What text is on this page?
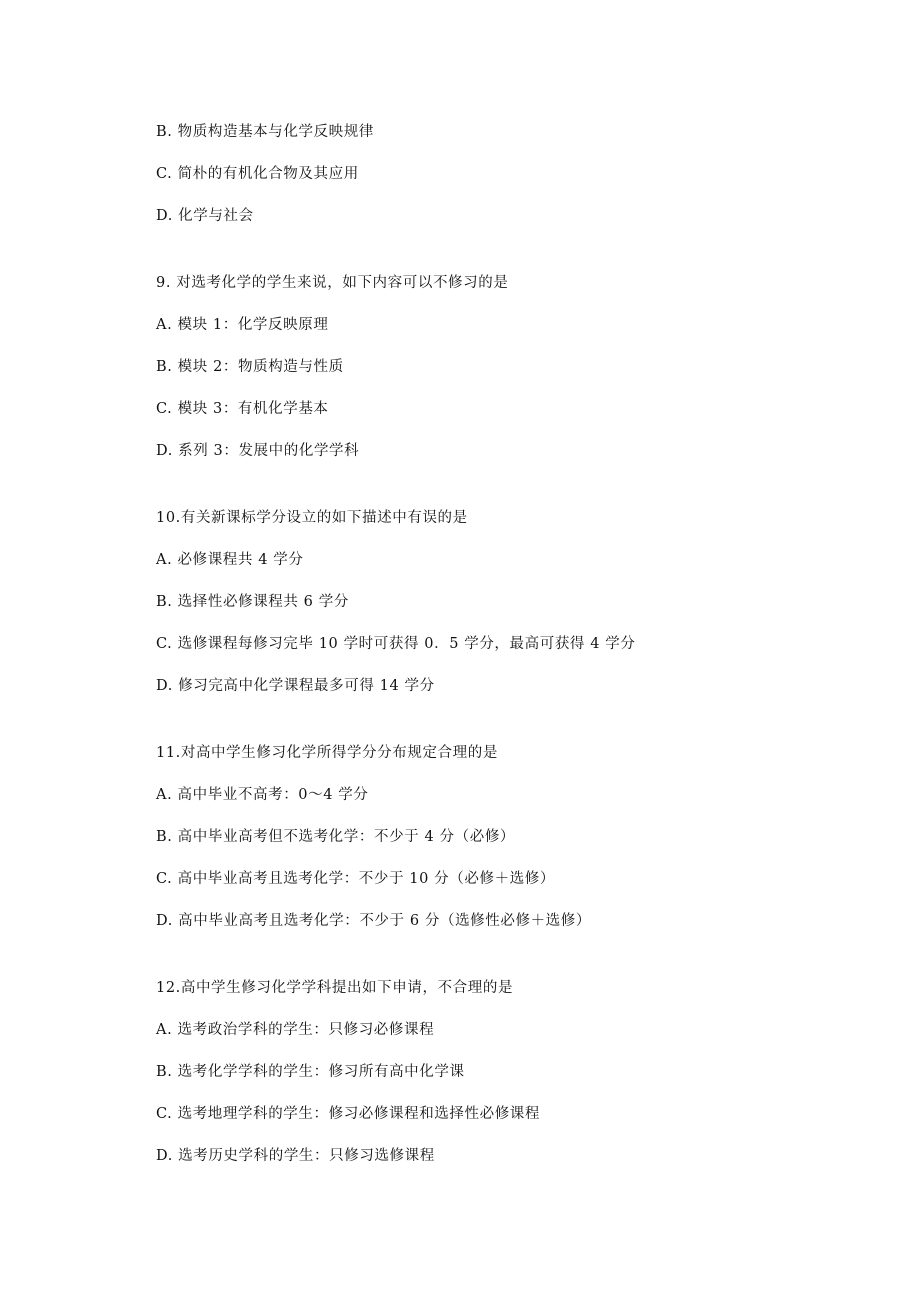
B. 物质构造基本与化学反映规律
C. 简朴的有机化合物及其应用
D. 化学与社会
9. 对选考化学的学生来说，如下内容可以不修习的是
A. 模块 1：化学反映原理
B. 模块 2：物质构造与性质
C. 模块 3：有机化学基本
D. 系列 3：发展中的化学学科
10.有关新课标学分设立的如下描述中有误的是
A. 必修课程共 4 学分
B. 选择性必修课程共 6 学分
C. 选修课程每修习完毕 10 学时可获得 0．5 学分，最高可获得 4 学分
D. 修习完高中化学课程最多可得 14 学分
11.对高中学生修习化学所得学分分布规定合理的是
A. 高中毕业不高考：0～4 学分
B. 高中毕业高考但不选考化学：不少于 4 分（必修）
C. 高中毕业高考且选考化学：不少于 10 分（必修＋选修）
D. 高中毕业高考且选考化学：不少于 6 分（选修性必修＋选修）
12.高中学生修习化学学科提出如下申请，不合理的是
A. 选考政治学科的学生：只修习必修课程
B. 选考化学学科的学生：修习所有高中化学课
C. 选考地理学科的学生：修习必修课程和选择性必修课程
D. 选考历史学科的学生：只修习选修课程
